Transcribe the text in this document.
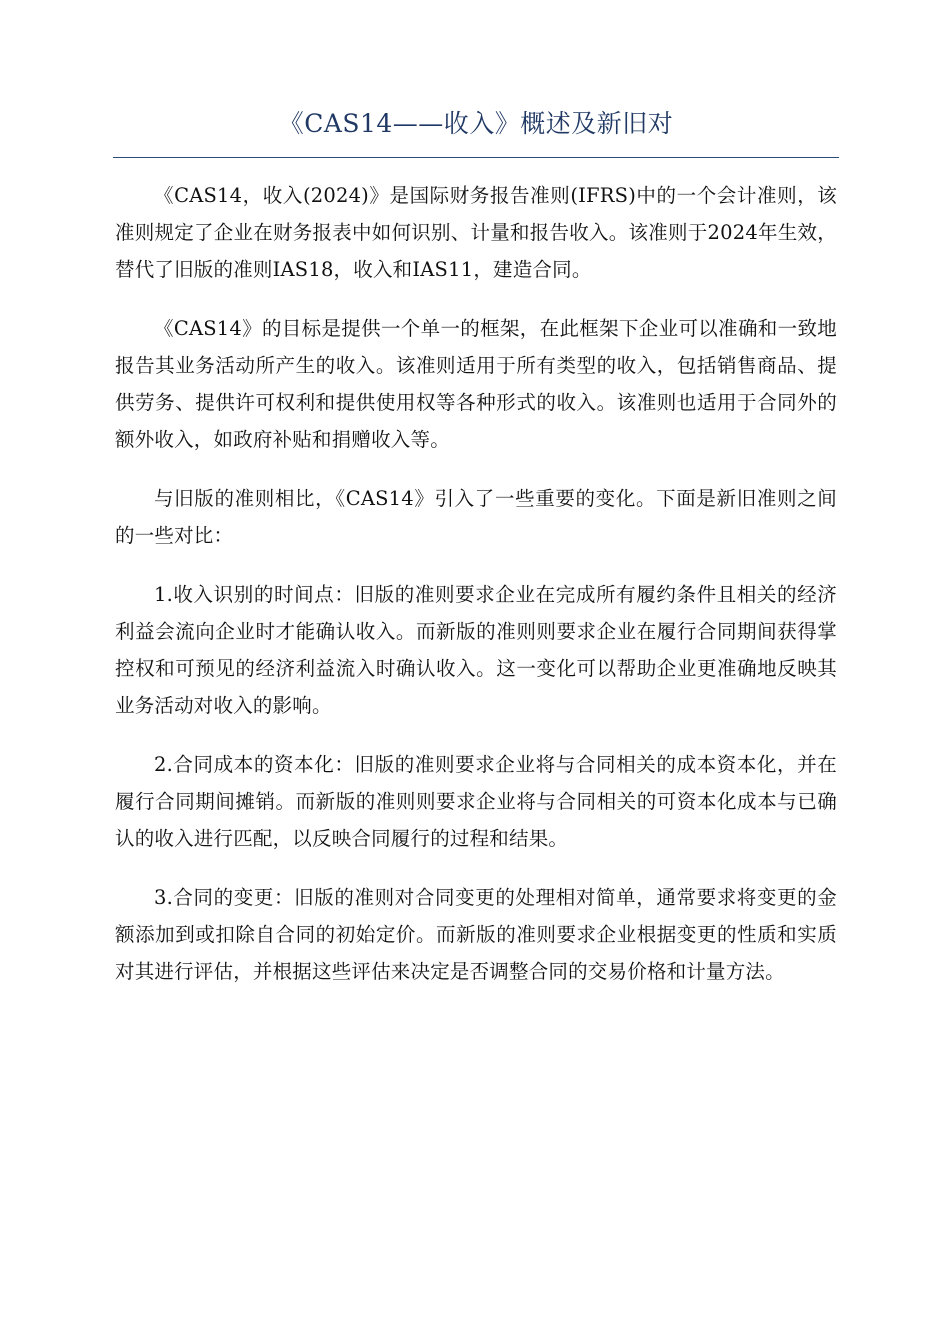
《CAS14——收入》概述及新旧对

《CAS14，收入(2024)》是国际财务报告准则(IFRS)中的一个会计准则，该准则规定了企业在财务报表中如何识别、计量和报告收入。该准则于2024年生效，替代了旧版的准则IAS18，收入和IAS11，建造合同。

《CAS14》的目标是提供一个单一的框架，在此框架下企业可以准确和一致地报告其业务活动所产生的收入。该准则适用于所有类型的收入，包括销售商品、提供劳务、提供许可权利和提供使用权等各种形式的收入。该准则也适用于合同外的额外收入，如政府补贴和捐赠收入等。

与旧版的准则相比，《CAS14》引入了一些重要的变化。下面是新旧准则之间的一些对比：

1.收入识别的时间点：旧版的准则要求企业在完成所有履约条件且相关的经济利益会流向企业时才能确认收入。而新版的准则则要求企业在履行合同期间获得掌控权和可预见的经济利益流入时确认收入。这一变化可以帮助企业更准确地反映其业务活动对收入的影响。

2.合同成本的资本化：旧版的准则要求企业将与合同相关的成本资本化，并在履行合同期间摊销。而新版的准则则要求企业将与合同相关的可资本化成本与已确认的收入进行匹配，以反映合同履行的过程和结果。

3.合同的变更：旧版的准则对合同变更的处理相对简单，通常要求将变更的金额添加到或扣除自合同的初始定价。而新版的准则要求企业根据变更的性质和实质对其进行评估，并根据这些评估来决定是否调整合同的交易价格和计量方法。
